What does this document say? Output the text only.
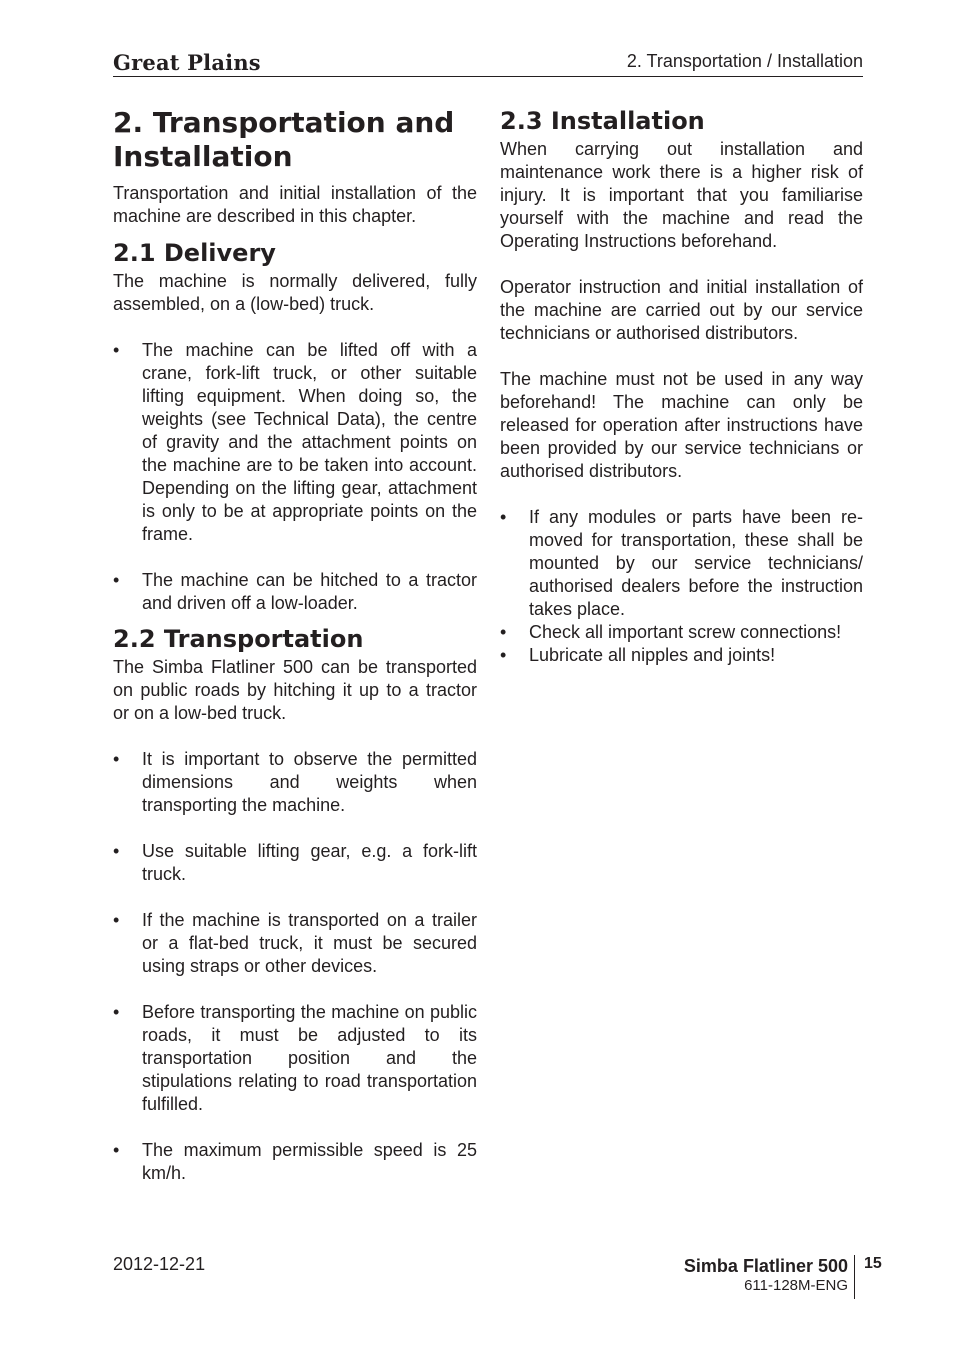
Great Plains	2. Transportation / Installation
2. Transportation and Installation

Transportation and initial installation of the machine are described in this chapter.

2.1 Delivery

The machine is normally delivered, fully assembled, on a (low-bed) truck.

• The machine can be lifted off with a crane, fork-lift truck, or other suitable lifting equipment. When doing so, the weights (see Technical Data), the centre of gravity and the attachment points on the machine are to be taken into account. Depending on the lifting gear, attachment is only to be at appropriate points on the frame.
• The machine can be hitched to a tractor and driven off a low-loader.
2.2 Transportation

The Simba Flatliner 500 can be transported on public roads by hitching it up to a tractor or on a low-bed truck.

• It is important to observe the permitted dimensions and weights when transporting the machine.
• Use suitable lifting gear, e.g. a fork-lift truck.
• If the machine is transported on a trailer or a flat-bed truck, it must be secured using straps or other devices.
• Before transporting the machine on public roads, it must be adjusted to its transportation position and the stipulations relating to road transportation fulfilled.
• The maximum permissible speed is 25 km/h.
2.3 Installation

When carrying out installation and maintenance work there is a higher risk of injury. It is important that you familiarise yourself with the machine and read the Operating Instructions beforehand.

Operator instruction and initial installation of the machine are carried out by our service technicians or authorised distributors.

The machine must not be used in any way beforehand! The machine can only be released for operation after instructions have been provided by our service technicians or authorised distributors.

• If any modules or parts have been re-moved for transportation, these shall be mounted by our service technicians/ authorised dealers before the instruction takes place.
• Check all important screw connections!
• Lubricate all nipples and joints!
2012-12-21	Simba Flatliner 500
611-128M-ENG
15
